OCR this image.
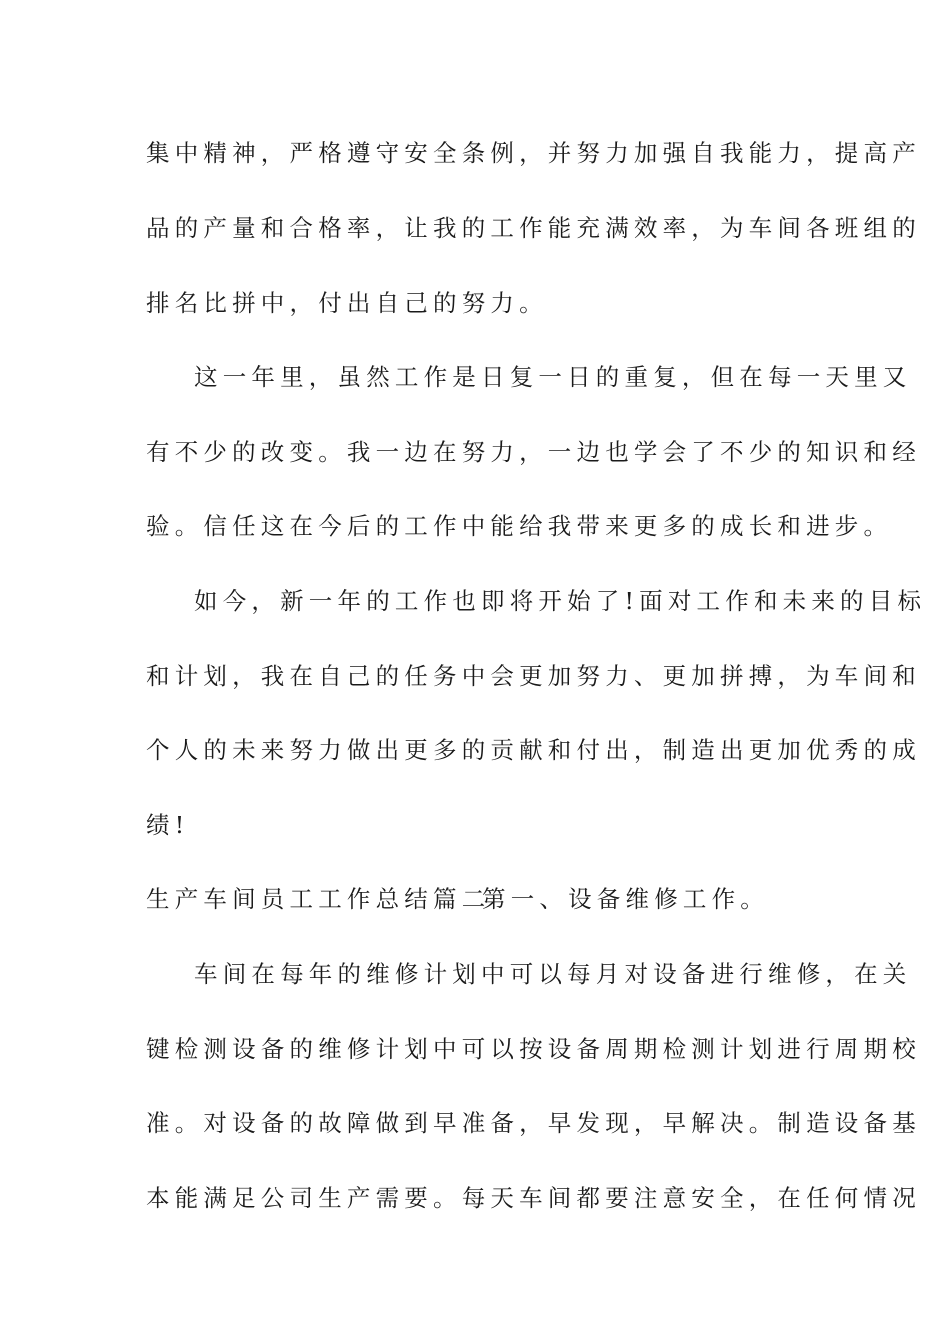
集中精神，严格遵守安全条例，并努力加强自我能力，提高产
品的产量和合格率，让我的工作能充满效率，为车间各班组的
排名比拼中，付出自己的努力。
这一年里，虽然工作是日复一日的重复，但在每一天里又
有不少的改变。我一边在努力，一边也学会了不少的知识和经
验。信任这在今后的工作中能给我带来更多的成长和进步。
如今，新一年的工作也即将开始了!面对工作和未来的目标
和计划，我在自己的任务中会更加努力、更加拼搏，为车间和
个人的未来努力做出更多的贡献和付出，制造出更加优秀的成
绩!
生产车间员工工作总结篇二
第一、设备维修工作。
车间在每年的维修计划中可以每月对设备进行维修，在关
键检测设备的维修计划中可以按设备周期检测计划进行周期校
准。对设备的故障做到早准备，早发现，早解决。制造设备基
本能满足公司生产需要。每天车间都要注意安全，在任何情况
